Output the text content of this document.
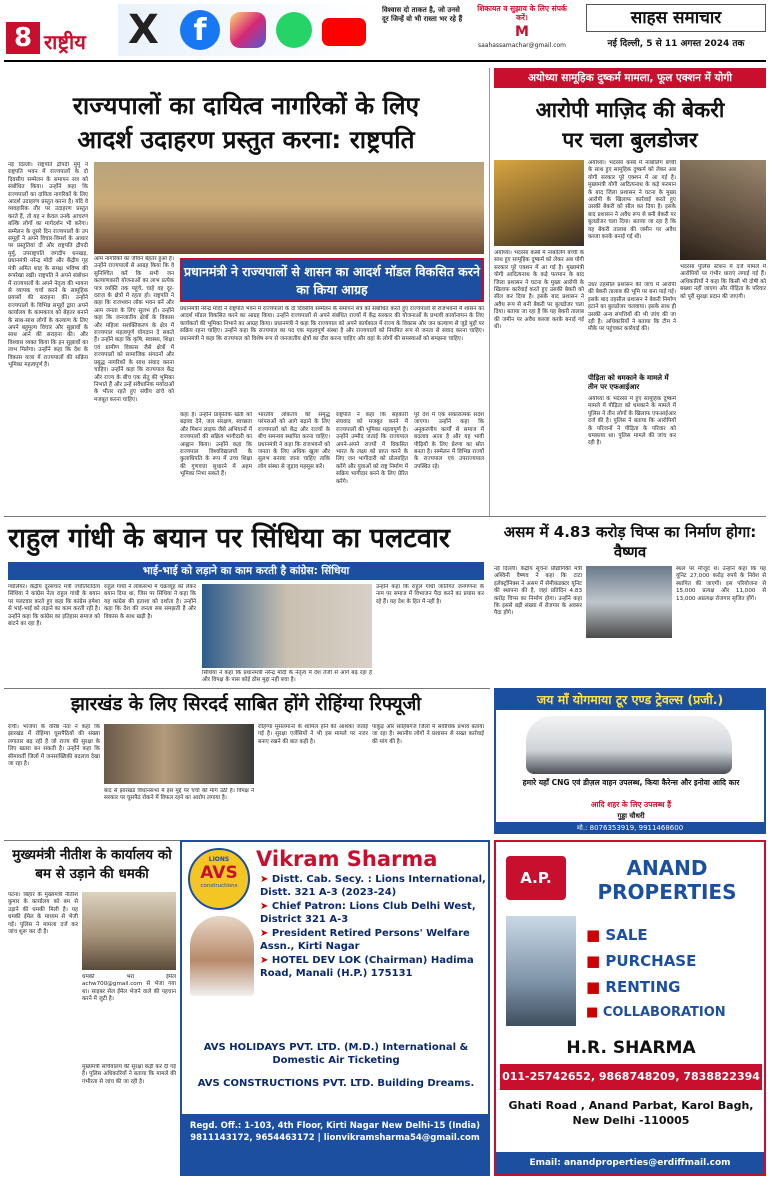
8 राष्ट्रीय	X	f
विश्वास दो ताकत है, जो उनसे दूर जिन्हें वो भी रास्ता भर रहे हैं
शिकायत व सुझाव के लिए संपर्क करें।
M
saahassamachar@gmail.com
साहस समाचार
नई दिल्ली, 5 से 11 अगस्त 2024 तक
राज्यपालों का दायित्व नागरिकों के लिए
आदर्श उदाहरण प्रस्तुत करना: राष्ट्रपति
नई दिल्ली। राष्ट्रपति द्रौपदी मुर्मु ने राष्ट्रपति भवन में राज्यपालों के दो दिवसीय सम्मेलन के समापन सत्र को संबोधित किया। उन्होंने कहा कि राज्यपालों का दायित्व नागरिकों के लिए आदर्श उदाहरण प्रस्तुत करना है। यदि वे व्यवहारिक तौर पर उदाहरण प्रस्तुत करते हैं, तो यह न केवल उनके आचरण बल्कि लोगों का मार्गदर्शन भी करेगा। सम्मेलन के दूसरे दिन राज्यपालों के उप समूहों ने अपने विचार-विमर्श के आधार पर प्रस्तुतियां दीं और राष्ट्रपति द्रौपदी मुर्मु, उपराष्ट्रपति जगदीप धनखड़, प्रधानमंत्री नरेन्द्र मोदी और केंद्रीय गृह मंत्री अमित शाह के समक्ष भविष्य की रूपरेखा रखी। राष्ट्रपति ने अपने संबोधन में राज्यपालों के अपने नेतृत्व की भावना से व्यापक चर्चा करने के सामूहिक प्रयासों की सराहना की। उन्होंने राज्यपालों के विभिन्न समूहों द्वारा अपने कार्यालय के कामकाज को बेहतर बनाने के साथ-साथ लोगों के कल्याण के लिए अपने बहुमूल्य विचार और सुझावों के साथ आने की सराहना की। और विश्वास व्यक्त किया कि इन सुझावों का लाभ मिलेगा। उन्होंने कहा कि देश के विकास यात्रा में राज्यपालों की सक्रिय भूमिका महत्वपूर्ण है।
आम नागरिकों का जीवन बेहतर हुआ है। उन्होंने राज्यपालों से आग्रह किया कि वे सुनिश्चित करें कि सभी जन कल्याणकारी योजनाओं का लाभ प्रत्येक पात्र व्यक्ति तक पहुंचे, चाहे वह दूर-दराज़ के क्षेत्रों में रहता हो। राष्ट्रपति ने कहा कि राजभवन लोक भवन बनें और आम जनता के लिए सुलभ हों। उन्होंने कहा कि जनजातीय क्षेत्रों के विकास और महिला सशक्तिकरण के क्षेत्र में राज्यपाल महत्वपूर्ण योगदान दे सकते हैं। उन्होंने कहा कि कृषि, स्वास्थ्य, शिक्षा एवं ग्रामीण विकास जैसे क्षेत्रों में राज्यपालों को सामाजिक संगठनों और प्रबुद्ध नागरिकों के साथ संवाद करना चाहिए। उन्होंने कहा कि राज्यपाल केंद्र और राज्य के बीच एक सेतु की भूमिका निभाते हैं और उन्हें संवैधानिक मर्यादाओं के भीतर रहते हुए संघीय ढांचे को मजबूत करना चाहिए।
प्रधानमंत्री ने राज्यपालों से शासन का आदर्श मॉडल विकसित करने का किया आग्रह
प्रधानमंत्री नरेन्द्र मोदी ने राष्ट्रपति भवन में राज्यपालों के दो दिवसीय सम्मेलन के समापन सत्र को संबोधित करते हुए राज्यपालों से राजभवनों में शासन का आदर्श मॉडल विकसित करने का आग्रह किया। उन्होंने राज्यपालों से अपने संबंधित राज्यों में केंद्र सरकार की योजनाओं के प्रभावी कार्यान्वयन के लिए कार्यकर्ता की भूमिका निभाने का आग्रह किया। प्रधानमंत्री ने कहा कि राज्यपाल को अपने कार्यकाल में राज्य के विकास और जन कल्याण से जुड़े मुद्दों पर सक्रिय रहना चाहिए। उन्होंने कहा कि राज्यपाल का पद एक महत्वपूर्ण संस्था है और राज्यपालों को नियमित रूप से जनता से संवाद करना चाहिए। प्रधानमंत्री ने कहा कि राज्यपाल को विशेष रूप से जनजातीय क्षेत्रों का दौरा करना चाहिए और वहां के लोगों की समस्याओं को समझना चाहिए।
कहा है। उन्होंने प्राकृतिक खेती को बढ़ावा देने, जल संरक्षण, स्वच्छता और मिशन लाइफ जैसे अभियानों में राज्यपालों की सक्रिय भागीदारी का आह्वान किया। उन्होंने कहा कि राज्यपाल विश्वविद्यालयों के कुलाधिपति के रूप में उच्च शिक्षा की गुणवत्ता सुधारने में अहम भूमिका निभा सकते हैं।
भारतीय लोकतंत्र की समृद्ध परंपराओं को आगे बढ़ाने के लिए राज्यपालों को केंद्र और राज्यों के बीच समन्वय स्थापित करना चाहिए। प्रधानमंत्री ने कहा कि राजभवनों को जनता के लिए अधिक खुला और सुलभ बनाया जाना चाहिए ताकि लोग संस्था से जुड़ाव महसूस करें।
राष्ट्रपति ने कहा कि सहकारी संघवाद को मजबूत करने में राज्यपालों की भूमिका महत्वपूर्ण है। उन्होंने उम्मीद जताई कि राज्यपाल अपने-अपने राज्यों में विकसित भारत के लक्ष्य को प्राप्त करने के लिए जन भागीदारी को प्रोत्साहित करेंगे और युवाओं को राष्ट्र निर्माण में सक्रिय भागीदार बनने के लिए प्रेरित करेंगे।
पूरे देश में एक सकारात्मक संदेश जाएगा। उन्होंने कहा कि अनुकरणीय कार्यों से समाज में बदलाव आता है और यह भावी पीढ़ियों के लिए प्रेरणा का स्रोत बनता है। सम्मेलन में विभिन्न राज्यों के राज्यपाल एवं उपराज्यपाल उपस्थित रहे।
अयोध्या सामूहिक दुष्कर्म मामला, फूल एक्शन में योगी
आरोपी माज़िद की बेकरी
पर चला बुलडोजर
अयोध्या। भदरसा कस्बे में नाबालिग बच्ची के साथ हुए सामूहिक दुष्कर्म को लेकर अब योगी सरकार पूरे एक्शन में आ गई है। मुख्यमंत्री योगी आदित्यनाथ के कड़े फरमान के बाद जिला प्रशासन ने घटना के मुख्य आरोपी के खिलाफ कार्रवाई करते हुए उसकी बेकरी को सील कर दिया है। इसके बाद प्रशासन ने अवैध रूप से बनी बेकरी पर बुलडोजर चला दिया। बताया जा रहा है कि यह बेकरी तालाब की जमीन पर अवैध कब्जा करके बनाई गई थी।
उधर तहसील प्रशासन की जांच में आरोपी की बेकरी तालाब की भूमि पर बना पाई गई। इसके बाद तहसील प्रशासन ने बेकरी निर्माण हटाने का बुलडोजर चलवाया। इसके साथ ही उसकी अन्य संपत्तियों की भी जांच की जा रही है। अधिकारियों ने बताया कि टीम ने मौके पर पहुंचकर कार्रवाई की।
भदरसा पुलिस स्टेशन में दर्ज मामले में आरोपियों पर गंभीर धाराएं लगाई गई हैं। अधिकारियों ने कहा कि किसी भी दोषी को बख्शा नहीं जाएगा और पीड़िता के परिवार को पूरी सुरक्षा प्रदान की जाएगी।
पीड़िता को धमकाने के मामले में तीन पर एफआईआर
अयोध्या के भदरसा में हुए सामूहिक दुष्कर्म मामले में पीड़िता को धमकाने के मामले में पुलिस ने तीन लोगों के खिलाफ एफआईआर दर्ज की है। पुलिस ने बताया कि आरोपियों के परिजनों ने पीड़िता के परिवार को धमकाया था। पुलिस मामले की जांच कर रही है।
अयोध्या। भदरसा कस्बे में नाबालिग बच्ची के साथ हुए सामूहिक दुष्कर्म को लेकर अब योगी सरकार पूरे एक्शन में आ गई है। मुख्यमंत्री योगी आदित्यनाथ के कड़े फरमान के बाद जिला प्रशासन ने घटना के मुख्य आरोपी के खिलाफ कार्रवाई करते हुए उसकी बेकरी को सील कर दिया है। इसके बाद प्रशासन ने अवैध रूप से बनी बेकरी पर बुलडोजर चला दिया। बताया जा रहा है कि यह बेकरी तालाब की जमीन पर अवैध कब्जा करके बनाई गई थी।
राहुल गांधी के बयान पर सिंधिया का पलटवार
भाई-भाई को लड़ाने का काम करती है कांग्रेस: सिंधिया
ग्वालियर। केंद्रीय दूरसंचार मंत्री ज्योतिरादित्य सिंधिया ने कांग्रेस नेता राहुल गांधी के बयान पर पलटवार करते हुए कहा कि कांग्रेस हमेशा से भाई-भाई को लड़ाने का काम करती रही है। उन्होंने कहा कि कांग्रेस का इतिहास समाज को बांटने का रहा है।
राहुल गांधी ने लोकसभा में चक्रव्यूह को लेकर बयान दिया था, जिस पर सिंधिया ने कहा कि यह कांग्रेस की हताशा को दर्शाता है। उन्होंने कहा कि देश की जनता सब समझती है और विकास के साथ खड़ी है।
सिंधिया ने कहा कि प्रधानमंत्री नरेन्द्र मोदी के नेतृत्व में देश तेजी से आगे बढ़ रहा है और विपक्ष के पास कोई ठोस मुद्दा नहीं बचा है।
उन्होंने कहा कि राहुल गांधी जातिगत जनगणना के नाम पर समाज में विभाजन पैदा करने का प्रयास कर रहे हैं। यह देश के हित में नहीं है।
असम में 4.83 करोड़ चिप्स का निर्माण होगा: वैष्णव
नई दिल्ली। केंद्रीय सूचना प्रौद्योगिकी मंत्री अश्विनी वैष्णव ने कहा कि टाटा इलेक्ट्रॉनिक्स ने असम में सेमीकंडक्टर यूनिट की स्थापना की है, जहां प्रतिदिन 4.83 करोड़ चिप्स का निर्माण होगा। उन्होंने कहा कि इससे बड़ी संख्या में रोजगार के अवसर पैदा होंगे।
स्थल पर मौजूद थे। उन्होंने कहा कि यह यूनिट 27,000 करोड़ रुपये के निवेश से स्थापित की जाएगी। इस परियोजना से 15,000 प्रत्यक्ष और 11,000 से 13,000 अप्रत्यक्ष रोजगार सृजित होंगे।
झारखंड के लिए सिरदर्द साबित होंगे रोहिंग्या रिफ्यूजी
रांची। भाजपा के वरिष्ठ नेता ने कहा कि झारखंड में रोहिंग्या घुसपैठियों की संख्या लगातार बढ़ रही है जो राज्य की सुरक्षा के लिए खतरा बन सकती है। उन्होंने कहा कि सीमावर्ती जिलों में जनसांख्यिकी बदलाव देखा जा रहा है।
बाद से झारखंड विधानसभा में इस मुद्दे पर चर्चा की मांग उठी है। विपक्ष ने सरकार पर घुसपैठ रोकने में विफल रहने का आरोप लगाया है।
रोहिंग्या मुसलमानों के शामिल होने की आशंका जताई गई है। सुरक्षा एजेंसियों ने भी इस मामले पर नजर बनाए रखने की बात कही है।
पाकुड़ और साहिबगंज जिलों में सर्वाधिक प्रभाव बताया जा रहा है। स्थानीय लोगों ने प्रशासन से सख्त कार्रवाई की मांग की है।
जय माँ योगमाया टूर एण्ड ट्रेवल्स (प्रजी.)
हमारे यहाँ CNG एवं डीज़ल वाहन उपलब्ध, किया कैरेन्स और इनोवा आदि कार
आदि शहर के लिए उपलब्ध हैं
गुड्डा चौधरी
मो.: 8076353919, 9911468600
मुख्यमंत्री नीतीश के कार्यालय को बम से उड़ाने की धमकी
पटना। बिहार के मुख्यमंत्री नीतीश कुमार के कार्यालय को बम से उड़ाने की धमकी मिली है। यह धमकी ईमेल के माध्यम से भेजी गई। पुलिस ने मामला दर्ज कर जांच शुरू कर दी है।
धमकी भरा ईमेल achw700@gmail.com से भेजा गया था। साइबर सेल ईमेल भेजने वाले की पहचान करने में जुटी है।
मुख्यमंत्री सचिवालय की सुरक्षा कड़ी कर दी गई है। पुलिस अधिकारियों ने बताया कि मामले की गंभीरता से जांच की जा रही है।
LIONS
AVS
constructions
Vikram Sharma
➤ Distt. Cab. Secy. : Lions International, Distt. 321 A-3 (2023-24)
➤ Chief Patron: Lions Club Delhi West, District 321 A-3
➤ President Retired Persons' Welfare Assn., Kirti Nagar
➤ HOTEL DEV LOK (Chairman) Hadima Road, Manali (H.P.) 175131
AVS HOLIDAYS PVT. LTD. (M.D.) International & Domestic Air Ticketing
AVS CONSTRUCTIONS PVT. LTD. Building Dreams.
Regd. Off.: 1-103, 4th Floor, Kirti Nagar New Delhi-15 (India) 9811143172, 9654463172 | lionvikramsharma54@gmail.com
A.P.	ANAND PROPERTIES
■ SALE
■ PURCHASE
■ RENTING
■ COLLABORATION
H.R. SHARMA
011-25742652, 9868748209, 7838822394
Ghati Road , Anand Parbat, Karol Bagh, New Delhi -110005
Email: anandproperties@erdiffmail.com
